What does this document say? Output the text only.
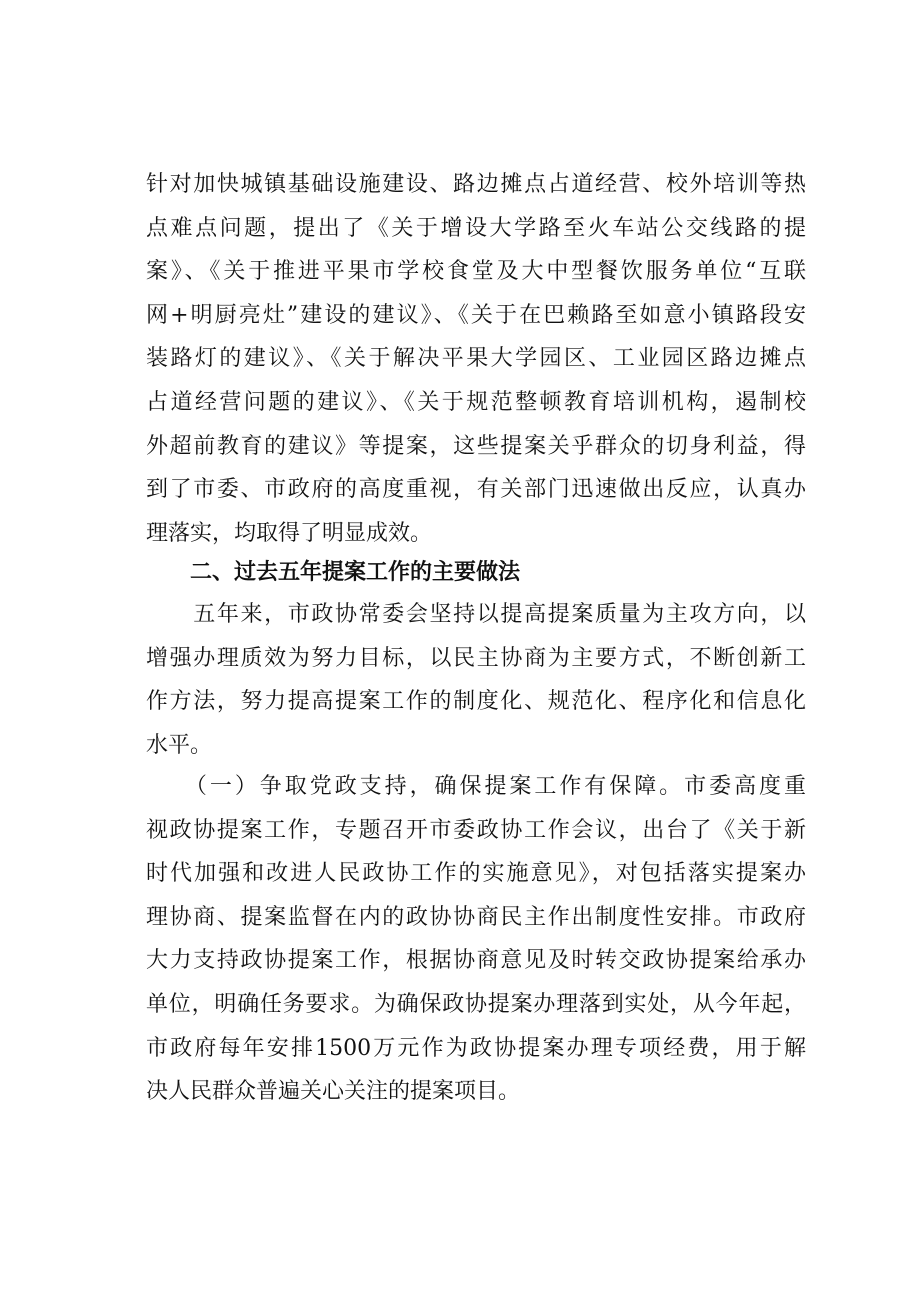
针对加快城镇基础设施建设、路边摊点占道经营、校外培训等热
点难点问题，提出了《关于增设大学路至火车站公交线路的提
案》、《关于推进平果市学校食堂及大中型餐饮服务单位“互联
网+明厨亮灶”建设的建议》、《关于在巴赖路至如意小镇路段安
装路灯的建议》、《关于解决平果大学园区、工业园区路边摊点
占道经营问题的建议》、《关于规范整顿教育培训机构，遏制校
外超前教育的建议》等提案，这些提案关乎群众的切身利益，得
到了市委、市政府的高度重视，有关部门迅速做出反应，认真办
理落实，均取得了明显成效。
二、过去五年提案工作的主要做法
　　五年来，市政协常委会坚持以提高提案质量为主攻方向，以
增强办理质效为努力目标，以民主协商为主要方式，不断创新工
作方法，努力提高提案工作的制度化、规范化、程序化和信息化
水平。
　　（一）争取党政支持，确保提案工作有保障。市委高度重
视政协提案工作，专题召开市委政协工作会议，出台了《关于新
时代加强和改进人民政协工作的实施意见》，对包括落实提案办
理协商、提案监督在内的政协协商民主作出制度性安排。市政府
大力支持政协提案工作，根据协商意见及时转交政协提案给承办
单位，明确任务要求。为确保政协提案办理落到实处，从今年起，
市政府每年安排1500万元作为政协提案办理专项经费，用于解
决人民群众普遍关心关注的提案项目。
